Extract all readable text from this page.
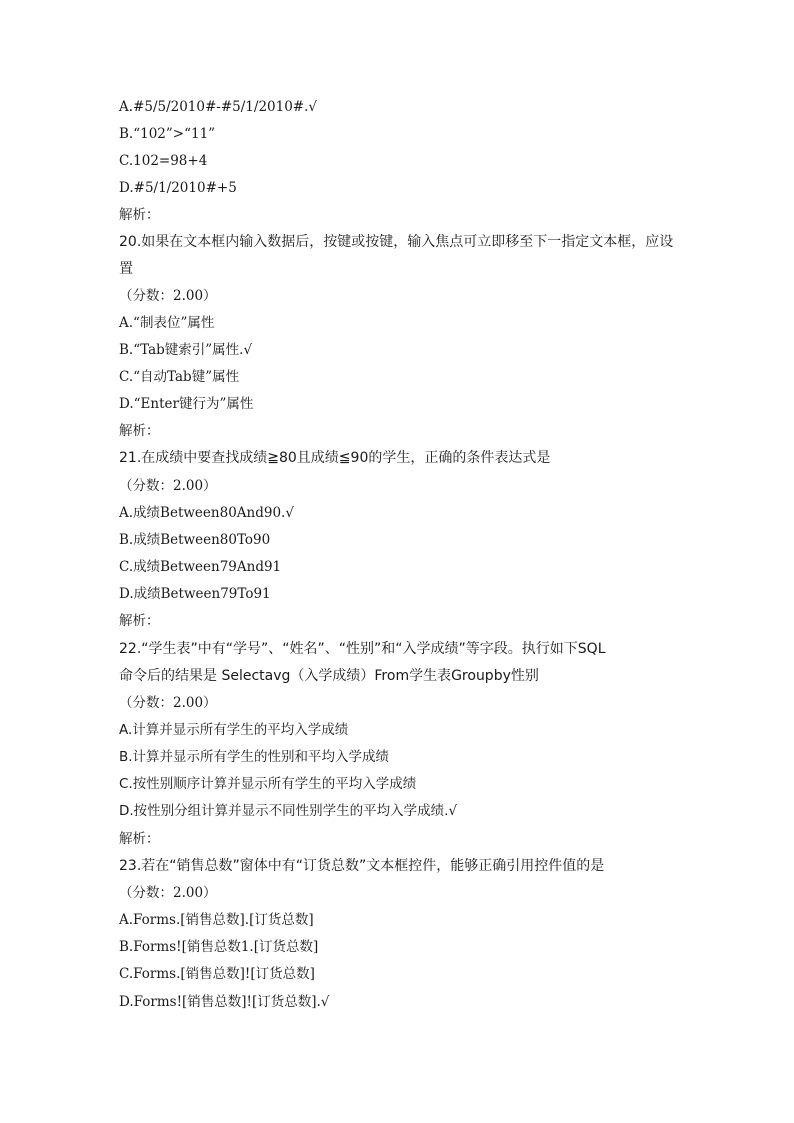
A.#5/5/2010#-#5/1/2010#.√
B.“102”>“11”
C.102=98+4
D.#5/1/2010#+5
解析：
20.如果在文本框内输入数据后，按键或按键，输入焦点可立即移至下一指定文本框，应设
置
（分数：2.00）
A.“制表位”属性
B.“Tab键索引”属性.√
C.“自动Tab键”属性
D.“Enter键行为”属性
解析：
21.在成绩中要查找成绩≧80且成绩≦90的学生，正确的条件表达式是
（分数：2.00）
A.成绩Between80And90.√
B.成绩Between80To90
C.成绩Between79And91
D.成绩Between79To91
解析：
22.“学生表”中有“学号”、“姓名”、“性别”和“入学成绩”等字段。执行如下SQL
命令后的结果是 Selectavg（入学成绩）From学生表Groupby性别
（分数：2.00）
A.计算并显示所有学生的平均入学成绩
B.计算并显示所有学生的性别和平均入学成绩
C.按性别顺序计算并显示所有学生的平均入学成绩
D.按性别分组计算并显示不同性别学生的平均入学成绩.√
解析：
23.若在“销售总数”窗体中有“订货总数”文本框控件，能够正确引用控件值的是
（分数：2.00）
A.Forms.[销售总数].[订货总数]
B.Forms![销售总数1.[订货总数]
C.Forms.[销售总数]![订货总数]
D.Forms![销售总数]![订货总数].√
